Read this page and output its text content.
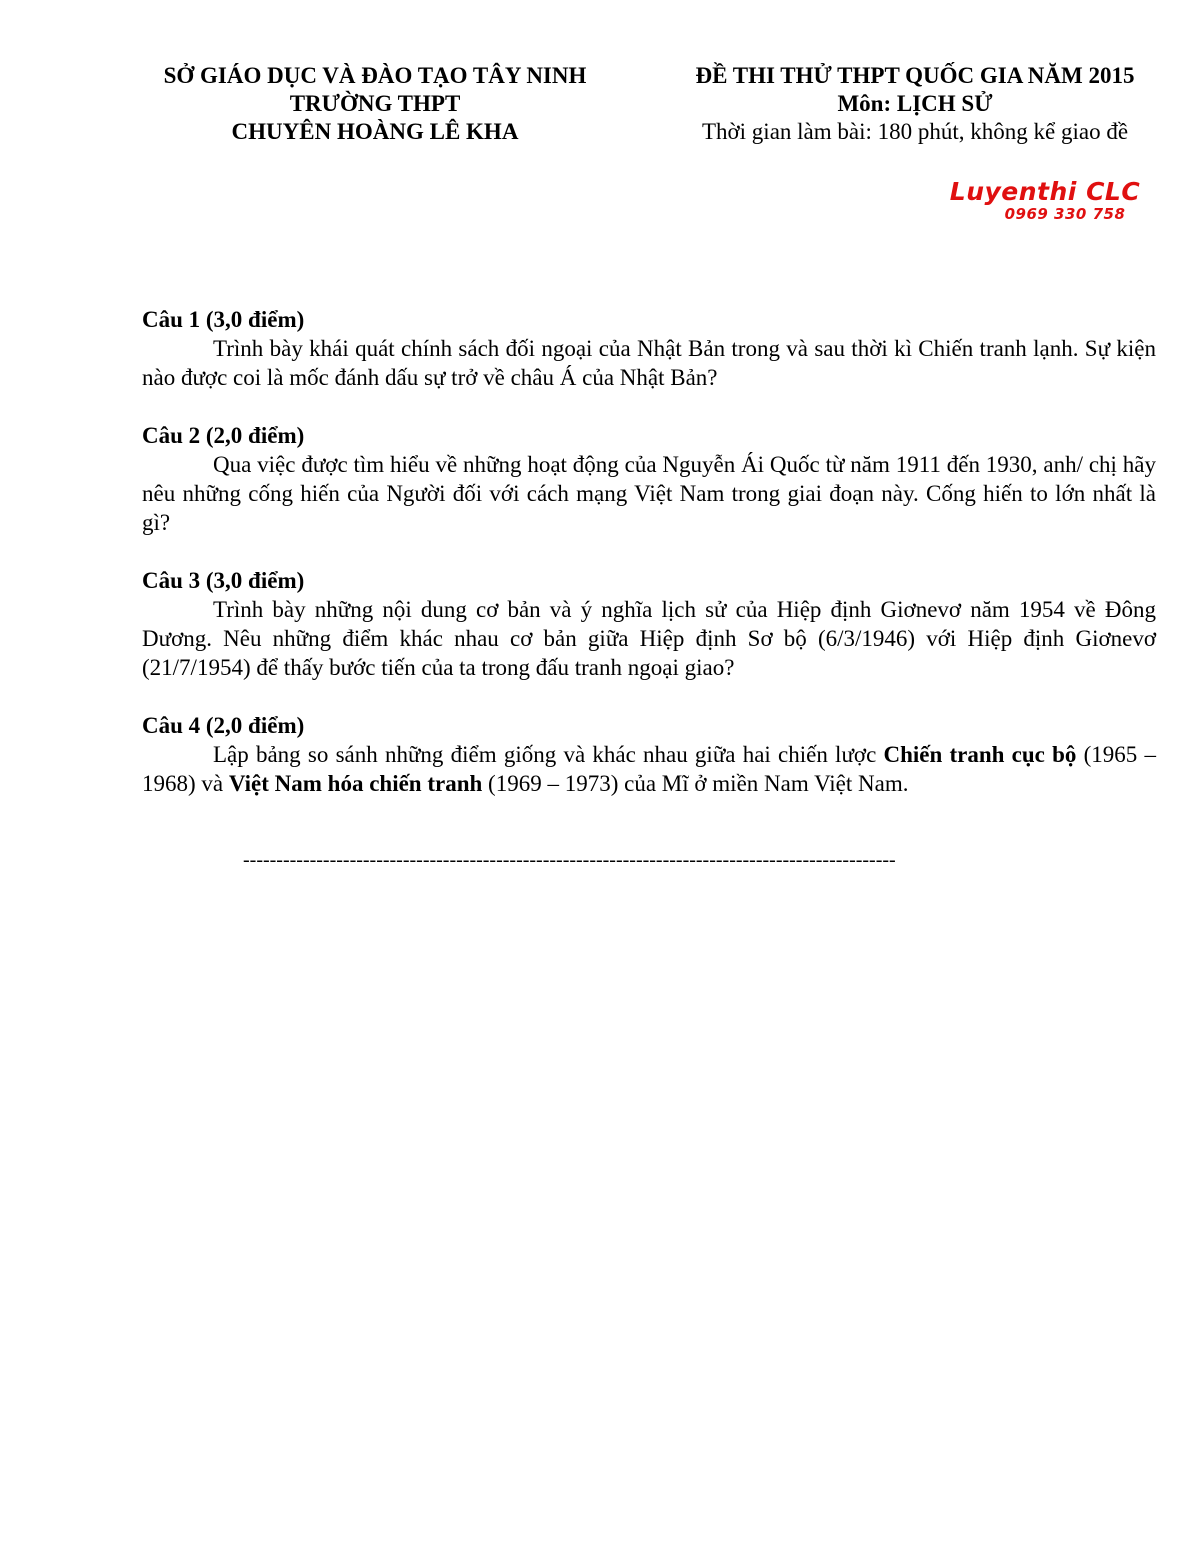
SỞ GIÁO DỤC VÀ ĐÀO TẠO TÂY NINH
TRƯỜNG THPT
CHUYÊN HOÀNG LÊ KHA
ĐỀ THI THỬ THPT QUỐC GIA NĂM 2015
Môn: LỊCH SỬ
Thời gian làm bài: 180 phút, không kể giao đề
Luyenthi CLC
0969 330 758
Câu 1 (3,0 điểm)
Trình bày khái quát chính sách đối ngoại của Nhật Bản trong và sau thời kì Chiến tranh lạnh. Sự kiện nào được coi là mốc đánh dấu sự trở về châu Á của Nhật Bản?
Câu 2 (2,0 điểm)
Qua việc được tìm hiểu về những hoạt động của Nguyễn Ái Quốc từ năm 1911 đến 1930, anh/ chị hãy nêu những cống hiến của Người đối với cách mạng Việt Nam trong giai đoạn này. Cống hiến to lớn nhất là gì?
Câu 3 (3,0 điểm)
Trình bày những nội dung cơ bản và ý nghĩa lịch sử của Hiệp định Giơnevơ năm 1954 về Đông Dương. Nêu những điểm khác nhau cơ bản giữa Hiệp định Sơ bộ (6/3/1946) với Hiệp định Giơnevơ (21/7/1954) để thấy bước tiến của ta trong đấu tranh ngoại giao?
Câu 4 (2,0 điểm)
Lập bảng so sánh những điểm giống và khác nhau giữa hai chiến lược Chiến tranh cục bộ (1965 – 1968) và Việt Nam hóa chiến tranh (1969 – 1973) của Mĩ ở miền Nam Việt Nam.
--------------------------------------------------------------------------------------------------
